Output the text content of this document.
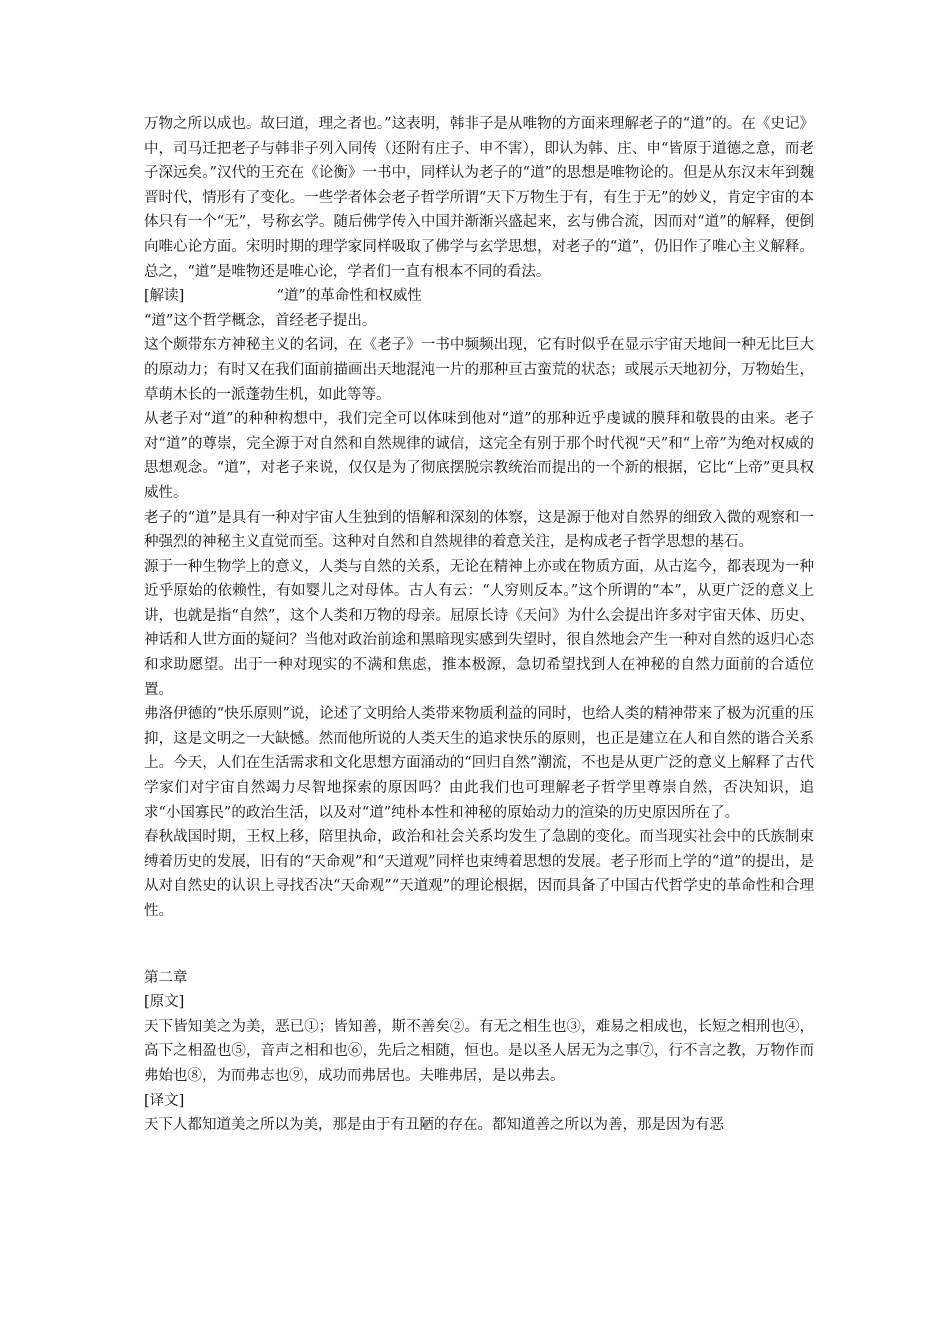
万物之所以成也。故曰道，理之者也。”这表明，韩非子是从唯物的方面来理解老子的“道”的。在《史记》中，司马迁把老子与韩非子列入同传（还附有庄子、申不害），即认为韩、庄、申“皆原于道德之意，而老子深远矣。”汉代的王充在《论衡》一书中，同样认为老子的“道”的思想是唯物论的。但是从东汉末年到魏晋时代，情形有了变化。一些学者体会老子哲学所谓“天下万物生于有，有生于无”的妙义，肯定宇宙的本体只有一个“无”，号称玄学。随后佛学传入中国并渐渐兴盛起来，玄与佛合流，因而对“道”的解释，便倒向唯心论方面。宋明时期的理学家同样吸取了佛学与玄学思想，对老子的“道”，仍旧作了唯心主义解释。总之，“道”是唯物还是唯心论，学者们一直有根本不同的看法。

[解读]	“道”的革命性和权威性

“道”这个哲学概念，首经老子提出。

这个颇带东方神秘主义的名词，在《老子》一书中频频出现，它有时似乎在显示宇宙天地间一种无比巨大的原动力；有时又在我们面前描画出天地混沌一片的那种亘古蛮荒的状态；或展示天地初分，万物始生，草萌木长的一派蓬勃生机，如此等等。

从老子对“道”的种种构想中，我们完全可以体味到他对“道”的那种近乎虔诚的膜拜和敬畏的由来。老子对“道”的尊崇，完全源于对自然和自然规律的诚信，这完全有别于那个时代视“天”和“上帝”为绝对权威的思想观念。“道”，对老子来说，仅仅是为了彻底摆脱宗教统治而提出的一个新的根据，它比“上帝”更具权威性。

老子的“道”是具有一种对宇宙人生独到的悟解和深刻的体察，这是源于他对自然界的细致入微的观察和一种强烈的神秘主义直觉而至。这种对自然和自然规律的着意关注，是构成老子哲学思想的基石。

源于一种生物学上的意义，人类与自然的关系，无论在精神上亦或在物质方面，从古迄今，都表现为一种近乎原始的依赖性，有如婴儿之对母体。古人有云：“人穷则反本。”这个所谓的“本”，从更广泛的意义上讲，也就是指“自然”，这个人类和万物的母亲。屈原长诗《天问》为什么会提出许多对宇宙天体、历史、神话和人世方面的疑问？当他对政治前途和黑暗现实感到失望时，很自然地会产生一种对自然的返归心态和求助愿望。出于一种对现实的不满和焦虑，推本极源，急切希望找到人在神秘的自然力面前的合适位置。

弗洛伊德的“快乐原则”说，论述了文明给人类带来物质利益的同时，也给人类的精神带来了极为沉重的压抑，这是文明之一大缺憾。然而他所说的人类天生的追求快乐的原则，也正是建立在人和自然的谐合关系上。今天，人们在生活需求和文化思想方面涌动的“回归自然”潮流，不也是从更广泛的意义上解释了古代学家们对宇宙自然竭力尽智地探索的原因吗？由此我们也可理解老子哲学里尊崇自然，否决知识，追求“小国寡民”的政治生活，以及对“道”纯朴本性和神秘的原始动力的渲染的历史原因所在了。

春秋战国时期，王权上移，陪里执命，政治和社会关系均发生了急剧的变化。而当现实社会中的氏族制束缚着历史的发展，旧有的“天命观”和“天道观”同样也束缚着思想的发展。老子形而上学的“道”的提出，是从对自然史的认识上寻找否决“天命观”“天道观”的理论根据，因而具备了中国古代哲学史的革命性和合理性。

第二章

[原文]

天下皆知美之为美，恶已①；皆知善，斯不善矣②。有无之相生也③，难易之相成也，长短之相刑也④，高下之相盈也⑤，音声之相和也⑥，先后之相随，恒也。是以圣人居无为之事⑦，行不言之教，万物作而弗始也⑧，为而弗志也⑨，成功而弗居也。夫唯弗居，是以弗去。

[译文]

天下人都知道美之所以为美，那是由于有丑陋的存在。都知道善之所以为善，那是因为有恶
